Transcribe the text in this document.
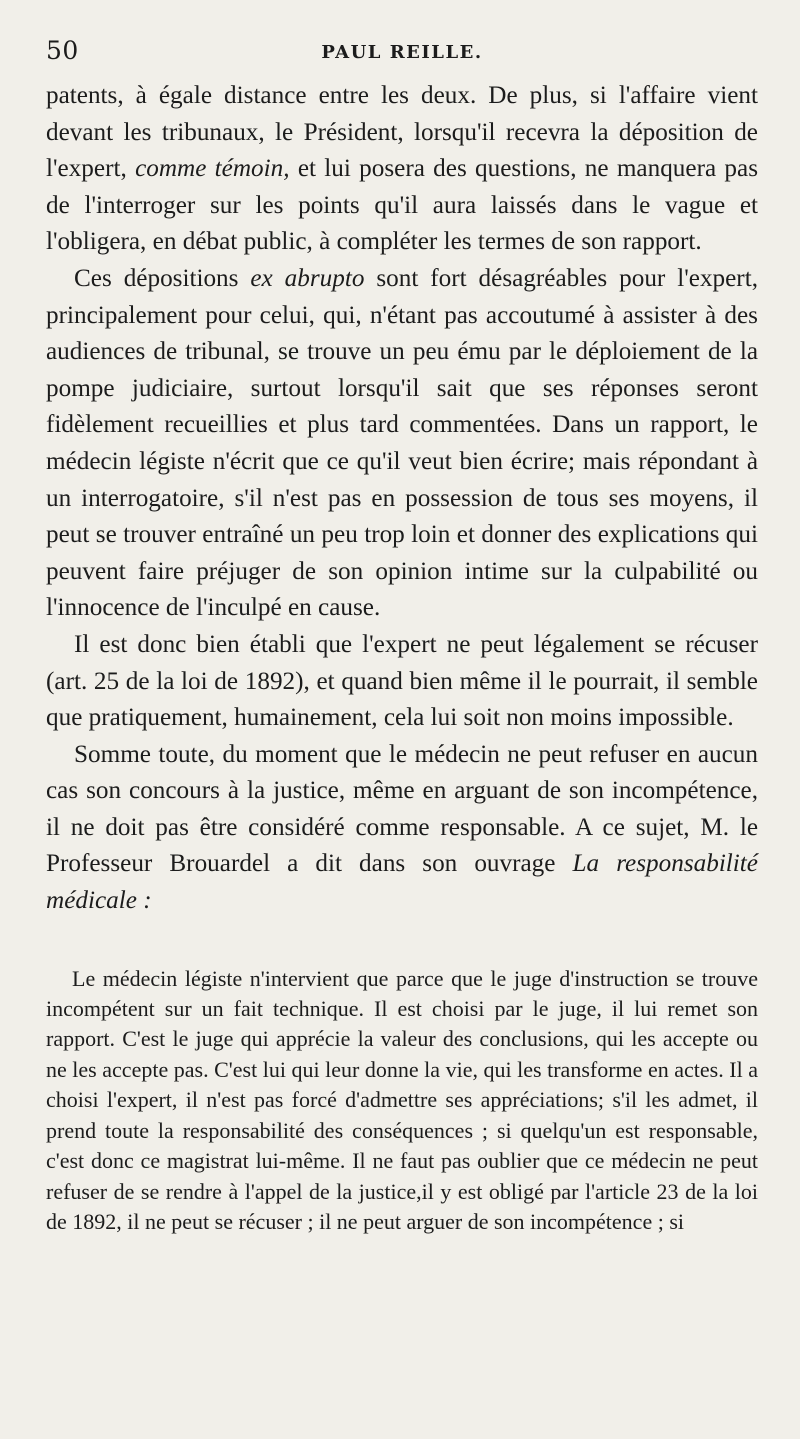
50	PAUL REILLE.

patents, à égale distance entre les deux. De plus, si l'affaire vient devant les tribunaux, le Président, lorsqu'il recevra la déposition de l'expert, comme témoin, et lui posera des questions, ne manquera pas de l'interroger sur les points qu'il aura laissés dans le vague et l'obligera, en débat public, à compléter les termes de son rapport.

Ces dépositions ex abrupto sont fort désagréables pour l'expert, principalement pour celui, qui, n'étant pas accoutumé à assister à des audiences de tribunal, se trouve un peu ému par le déploiement de la pompe judiciaire, surtout lorsqu'il sait que ses réponses seront fidèlement recueillies et plus tard commentées. Dans un rapport, le médecin légiste n'écrit que ce qu'il veut bien écrire; mais répondant à un interrogatoire, s'il n'est pas en possession de tous ses moyens, il peut se trouver entraîné un peu trop loin et donner des explications qui peuvent faire préjuger de son opinion intime sur la culpabilité ou l'innocence de l'inculpé en cause.

Il est donc bien établi que l'expert ne peut légalement se récuser (art. 25 de la loi de 1892), et quand bien même il le pourrait, il semble que pratiquement, humainement, cela lui soit non moins impossible.

Somme toute, du moment que le médecin ne peut refuser en aucun cas son concours à la justice, même en arguant de son incompétence, il ne doit pas être considéré comme responsable. A ce sujet, M. le Professeur Brouardel a dit dans son ouvrage La responsabilité médicale :

Le médecin légiste n'intervient que parce que le juge d'instruction se trouve incompétent sur un fait technique. Il est choisi par le juge, il lui remet son rapport. C'est le juge qui apprécie la valeur des conclusions, qui les accepte ou ne les accepte pas. C'est lui qui leur donne la vie, qui les transforme en actes. Il a choisi l'expert, il n'est pas forcé d'admettre ses appréciations; s'il les admet, il prend toute la responsabilité des conséquences ; si quelqu'un est responsable, c'est donc ce magistrat lui-même. Il ne faut pas oublier que ce médecin ne peut refuser de se rendre à l'appel de la justice,il y est obligé par l'article 23 de la loi de 1892, il ne peut se récuser ; il ne peut arguer de son incompétence ; si
